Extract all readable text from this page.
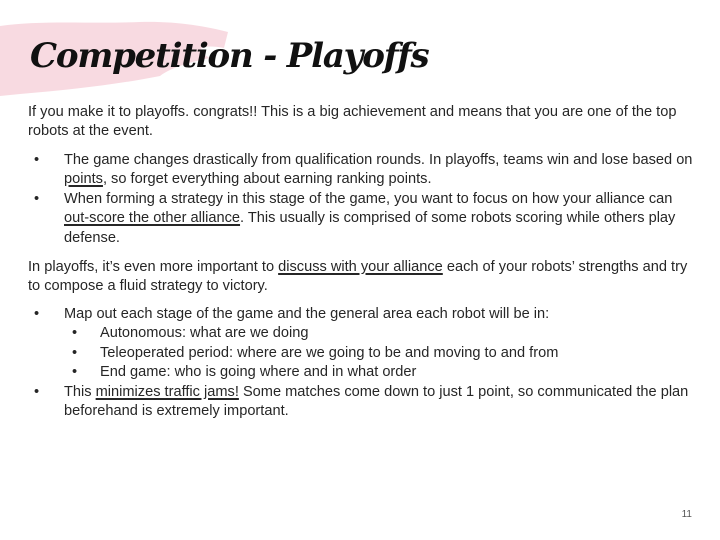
Competition - Playoffs

If you make it to playoffs. congrats!! This is a big achievement and means that you are one of the top robots at the event.

• The game changes drastically from qualification rounds. In playoffs, teams win and lose based on points, so forget everything about earning ranking points.
• When forming a strategy in this stage of the game, you want to focus on how your alliance can out-score the other alliance. This usually is comprised of some robots scoring while others play defense.

In playoffs, it’s even more important to discuss with your alliance each of your robots’ strengths and try to compose a fluid strategy to victory.

• Map out each stage of the game and the general area each robot will be in:
• Autonomous: what are we doing
• Teleoperated period: where are we going to be and moving to and from
• End game: who is going where and in what order
• This minimizes traffic jams! Some matches come down to just 1 point, so communicated the plan beforehand is extremely important.
11
